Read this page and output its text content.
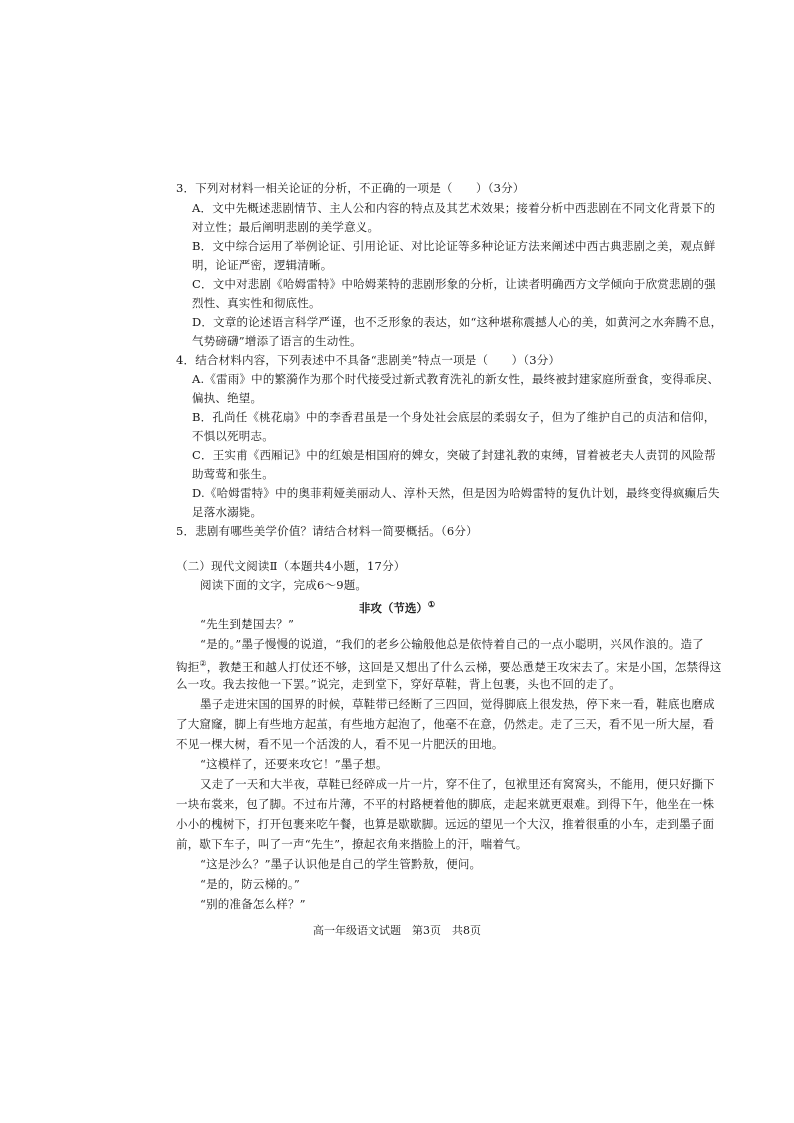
3．下列对材料一相关论证的分析，不正确的一项是（　　）（3分）
A．文中先概述悲剧情节、主人公和内容的特点及其艺术效果；接着分析中西悲剧在不同文化背景下的
对立性；最后阐明悲剧的美学意义。
B．文中综合运用了举例论证、引用论证、对比论证等多种论证方法来阐述中西古典悲剧之美，观点鲜
明，论证严密，逻辑清晰。
C．文中对悲剧《哈姆雷特》中哈姆莱特的悲剧形象的分析，让读者明确西方文学倾向于欣赏悲剧的强
烈性、真实性和彻底性。
D．文章的论述语言科学严谨，也不乏形象的表达，如“这种堪称震撼人心的美，如黄河之水奔腾不息，
气势磅礴”增添了语言的生动性。
4．结合材料内容，下列表述中不具备“悲剧美”特点一项是（　　）（3分）
A.《雷雨》中的繁漪作为那个时代接受过新式教育洗礼的新女性，最终被封建家庭所蚕食，变得乖戾、
偏执、绝望。
B．孔尚任《桃花扇》中的李香君虽是一个身处社会底层的柔弱女子，但为了维护自己的贞洁和信仰，
不惧以死明志。
C．王实甫《西厢记》中的红娘是相国府的婢女，突破了封建礼教的束缚，冒着被老夫人责罚的风险帮
助莺莺和张生。
D.《哈姆雷特》中的奥菲莉娅美丽动人、淳朴天然，但是因为哈姆雷特的复仇计划，最终变得疯癫后失
足落水溺毙。
5．悲剧有哪些美学价值？请结合材料一简要概括。（6分）
（二）现代文阅读Ⅱ（本题共4小题，17分）
阅读下面的文字，完成6～9题。
非攻（节选）①
“先生到楚国去？”
“是的。”墨子慢慢的说道，“我们的老乡公输般他总是依恃着自己的一点小聪明，兴风作浪的。造了
钩拒②，教楚王和越人打仗还不够，这回是又想出了什么云梯，要怂恿楚王攻宋去了。宋是小国，怎禁得这
么一攻。我去按他一下罢。”说完，走到堂下，穿好草鞋，背上包裹，头也不回的走了。
墨子走进宋国的国界的时候，草鞋带已经断了三四回，觉得脚底上很发热，停下来一看，鞋底也磨成
了大窟窿，脚上有些地方起茧，有些地方起泡了，他毫不在意，仍然走。走了三天，看不见一所大屋，看
不见一棵大树，看不见一个活泼的人，看不见一片肥沃的田地。
“这模样了，还要来攻它！”墨子想。
又走了一天和大半夜，草鞋已经碎成一片一片，穿不住了，包袱里还有窝窝头，不能用，便只好撕下
一块布裳来，包了脚。不过布片薄，不平的村路梗着他的脚底，走起来就更艰难。到得下午，他坐在一株
小小的槐树下，打开包裹来吃午餐，也算是歇歇脚。远远的望见一个大汉，推着很重的小车，走到墨子面
前，歇下车子，叫了一声“先生”，撩起衣角来揩脸上的汗，喘着气。
“这是沙么？”墨子认识他是自己的学生管黔敖，便问。
“是的，防云梯的。”
“别的准备怎么样？”
高一年级语文试题　第3页　共8页
